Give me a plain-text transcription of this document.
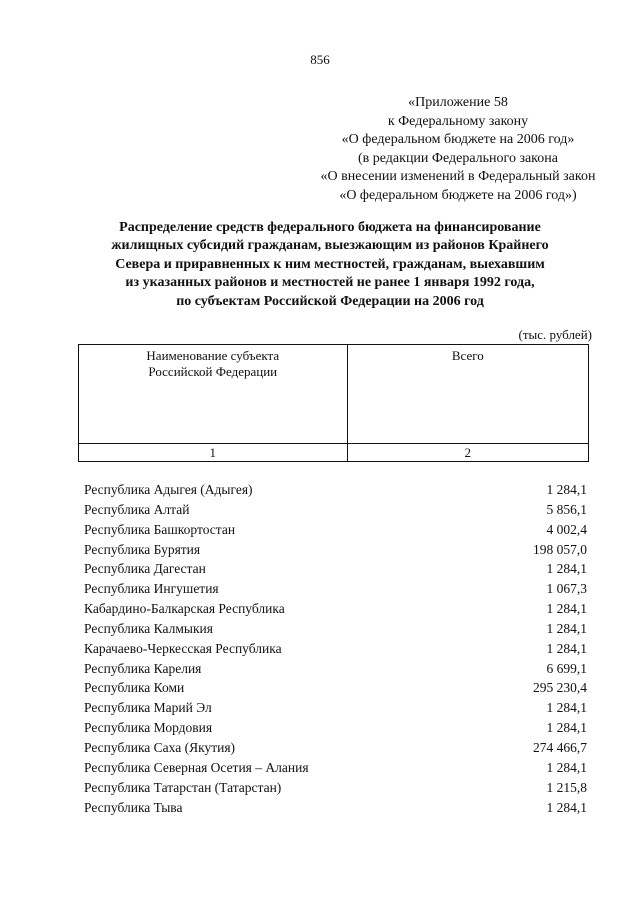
856
«Приложение 58
к Федеральному закону
«О федеральном бюджете на 2006 год»
(в редакции Федерального закона
«О внесении изменений в Федеральный закон
«О федеральном бюджете на 2006 год»)
Распределение средств федерального бюджета на финансирование
жилищных субсидий гражданам, выезжающим из районов Крайнего
Севера и приравненных к ним местностей, гражданам, выехавшим
из указанных районов и местностей не ранее 1 января 1992 года,
по субъектам Российской Федерации на 2006 год
(тыс. рублей)
Наименование субъекта
Российской Федерации	Всего
1	2
Республика Адыгея (Адыгея)	1 284,1
Республика Алтай	5 856,1
Республика Башкортостан	4 002,4
Республика Бурятия	198 057,0
Республика Дагестан	1 284,1
Республика Ингушетия	1 067,3
Кабардино-Балкарская Республика	1 284,1
Республика Калмыкия	1 284,1
Карачаево-Черкесская Республика	1 284,1
Республика Карелия	6 699,1
Республика Коми	295 230,4
Республика Марий Эл	1 284,1
Республика Мордовия	1 284,1
Республика Саха (Якутия)	274 466,7
Республика Северная Осетия – Алания	1 284,1
Республика Татарстан (Татарстан)	1 215,8
Республика Тыва	1 284,1
